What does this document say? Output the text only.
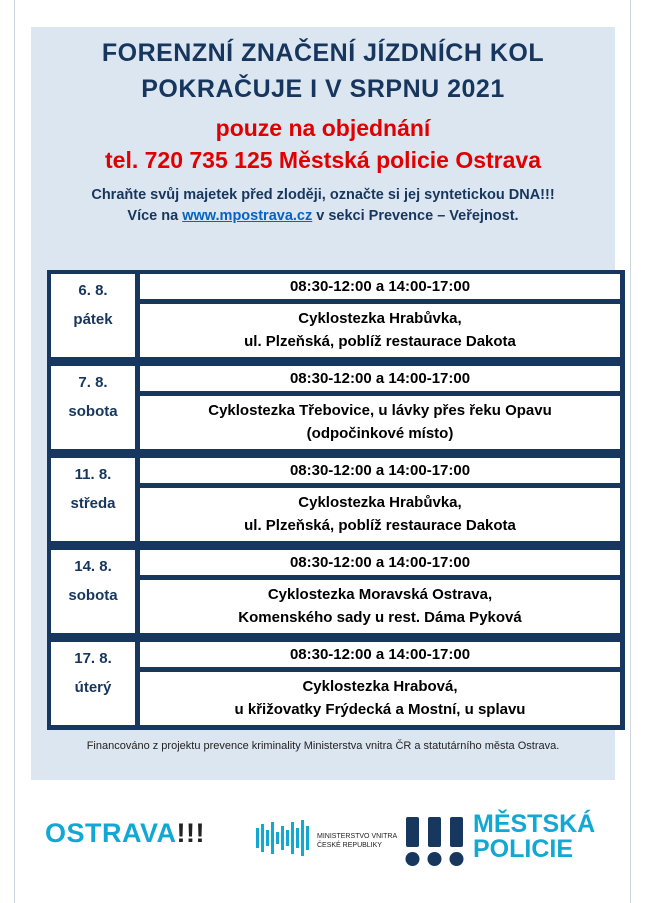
FORENZNÍ ZNAČENÍ JÍZDNÍCH KOL
POKRAČUJE I V SRPNU 2021
pouze na objednání
tel. 720 735 125 Městská policie Ostrava
Chraňte svůj majetek před zloději, označte si jej syntetickou DNA!!!
Více na www.mpostrava.cz v sekci Prevence – Veřejnost.
6. 8.
pátek
08:30-12:00 a 14:00-17:00
Cyklostezka Hrabůvka,
ul. Plzeňská, poblíž restaurace Dakota
7. 8.
sobota
08:30-12:00 a 14:00-17:00
Cyklostezka Třebovice, u lávky přes řeku Opavu
(odpočinkové místo)
11. 8.
středa
08:30-12:00 a 14:00-17:00
Cyklostezka Hrabůvka,
ul. Plzeňská, poblíž restaurace Dakota
14. 8.
sobota
08:30-12:00 a 14:00-17:00
Cyklostezka Moravská Ostrava,
Komenského sady u rest. Dáma Pyková
17. 8.
úterý
08:30-12:00 a 14:00-17:00
Cyklostezka Hrabová,
u křižovatky Frýdecká a Mostní, u splavu
Financováno z projektu prevence kriminality Ministerstva vnitra ČR a statutárního města Ostrava.
OSTRAVA!!!	MINISTERSTVO VNITRA
ČESKÉ REPUBLIKY
MĚSTSKÁ
POLICIE
